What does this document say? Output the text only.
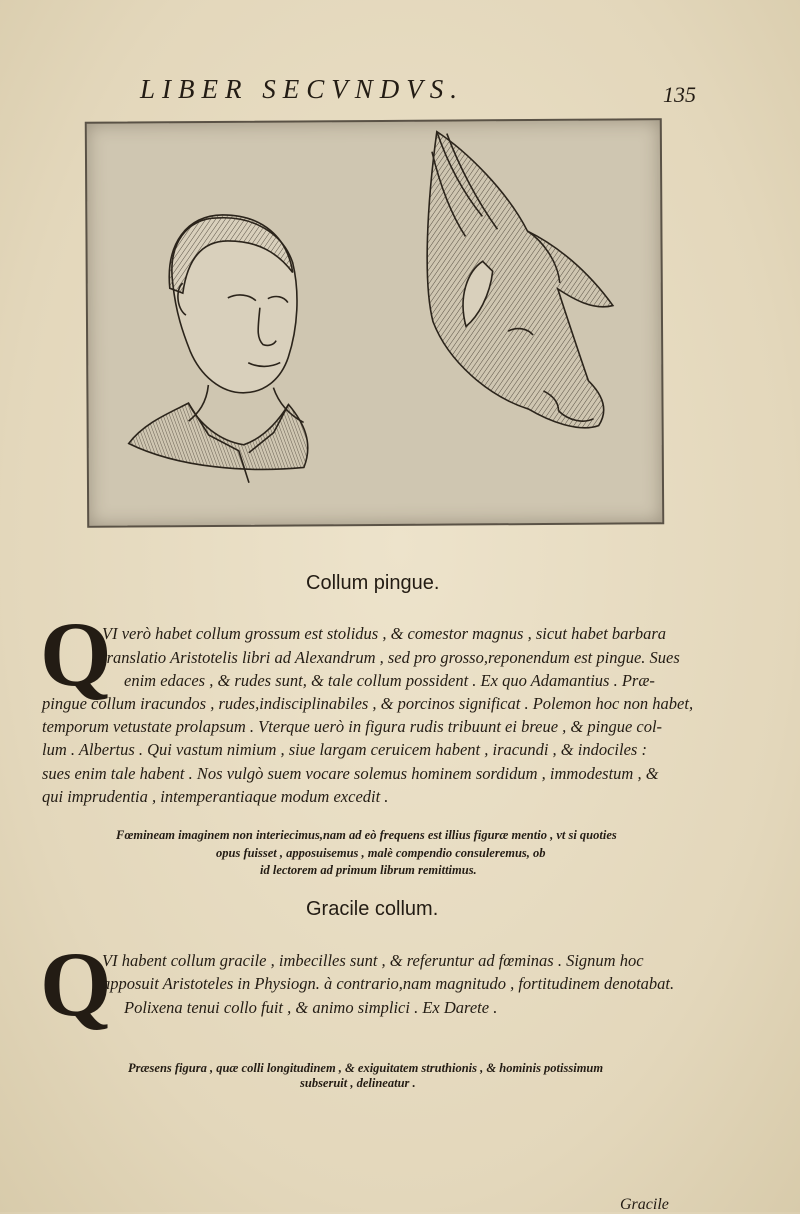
LIBER SECVNDVS.	135
Collum pingue.
Q
VI verò habet collum grossum est stolidus , & comestor magnus , sicut habet barbara
translatio Aristotelis libri ad Alexandrum , sed pro grosso,reponendum est pingue. Sues
enim edaces , & rudes sunt, & tale collum possident . Ex quo Adamantius . Præ-
pingue collum iracundos , rudes,indisciplinabiles , & porcinos significat . Polemon hoc non habet,
temporum vetustate prolapsum . Vterque uerò in figura rudis tribuunt ei breue , & pingue col-
lum . Albertus . Qui vastum nimium , siue largam ceruicem habent , iracundi , & indociles :
sues enim tale habent . Nos vulgò suem vocare solemus hominem sordidum , immodestum , &
qui imprudentia , intemperantiaque modum excedit .
Fœmineam imaginem non interiecimus,nam ad eò frequens est illius figuræ mentio , vt si quoties
opus fuisset , apposuisemus , malè compendio consuleremus, ob
id lectorem ad primum librum remittimus.
Gracile collum.
Q
VI habent collum gracile , imbecilles sunt , & referuntur ad fœminas . Signum hoc
apposuit Aristoteles in Physiogn. à contrario,nam magnitudo , fortitudinem denotabat.
Polixena tenui collo fuit , & animo simplici . Ex Darete .
Præsens figura , quæ colli longitudinem , & exiguitatem struthionis , & hominis potissimum
subseruit , delineatur .
Gracile
